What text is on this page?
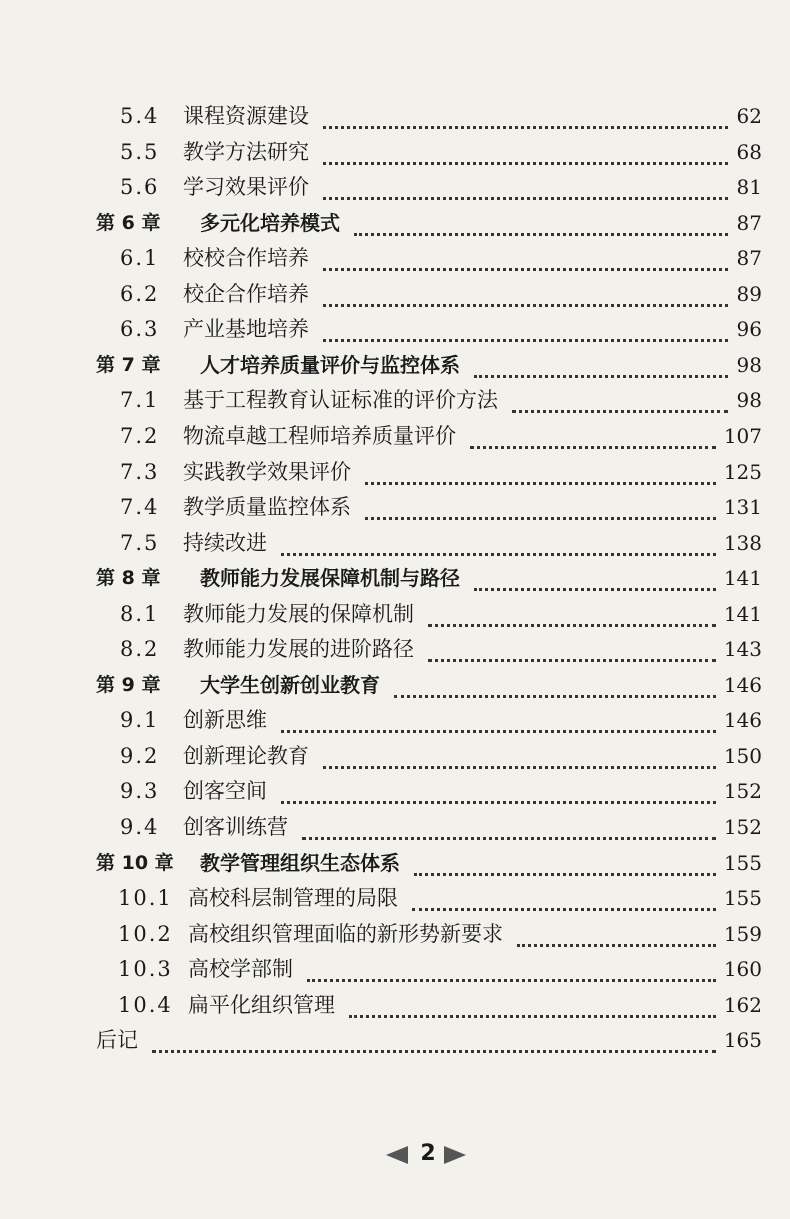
5.4 课程资源建设	62
5.5 教学方法研究	68
5.6 学习效果评价	81
第 6 章 多元化培养模式	87
6.1 校校合作培养	87
6.2 校企合作培养	89
6.3 产业基地培养	96
第 7 章 人才培养质量评价与监控体系	98
7.1 基于工程教育认证标准的评价方法	98
7.2 物流卓越工程师培养质量评价	107
7.3 实践教学效果评价	125
7.4 教学质量监控体系	131
7.5 持续改进	138
第 8 章 教师能力发展保障机制与路径	141
8.1 教师能力发展的保障机制	141
8.2 教师能力发展的进阶路径	143
第 9 章 大学生创新创业教育	146
9.1 创新思维	146
9.2 创新理论教育	150
9.3 创客空间	152
9.4 创客训练营	152
第 10 章 教学管理组织生态体系	155
10.1 高校科层制管理的局限	155
10.2 高校组织管理面临的新形势新要求	159
10.3 高校学部制	160
10.4 扁平化组织管理	162
后记	165
2
